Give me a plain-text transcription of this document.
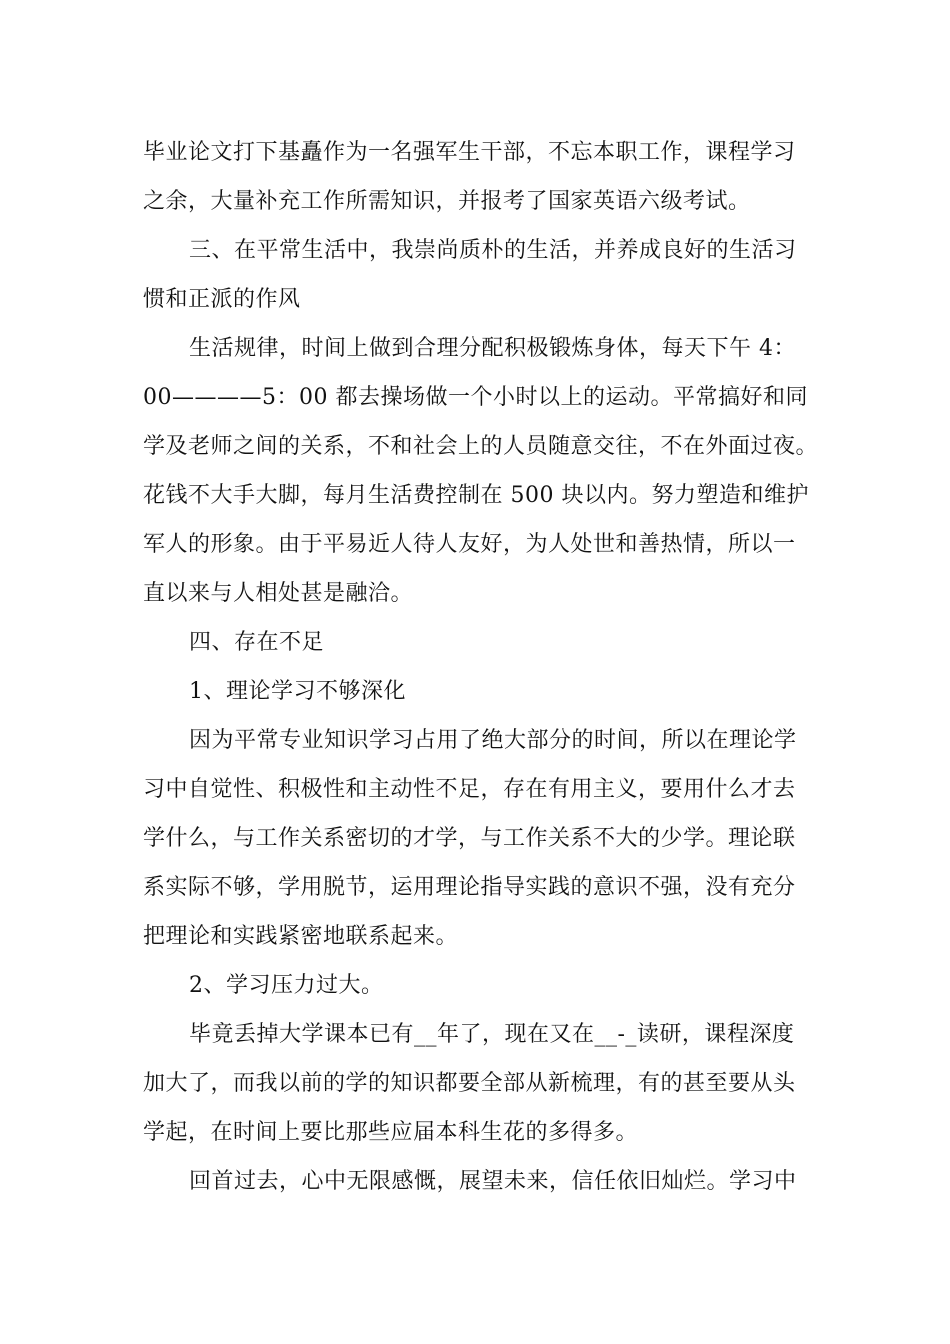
毕业论文打下基矗作为一名强军生干部，不忘本职工作，课程学习

之余，大量补充工作所需知识，并报考了国家英语六级考试。

三、在平常生活中，我崇尚质朴的生活，并养成良好的生活习

惯和正派的作风

生活规律，时间上做到合理分配积极锻炼身体，每天下午 4：

00————5：00 都去操场做一个小时以上的运动。平常搞好和同

学及老师之间的关系，不和社会上的人员随意交往，不在外面过夜。

花钱不大手大脚，每月生活费控制在 500 块以内。努力塑造和维护

军人的形象。由于平易近人待人友好，为人处世和善热情，所以一

直以来与人相处甚是融洽。

四、存在不足

1、理论学习不够深化

因为平常专业知识学习占用了绝大部分的时间，所以在理论学

习中自觉性、积极性和主动性不足，存在有用主义，要用什么才去

学什么，与工作关系密切的才学，与工作关系不大的少学。理论联

系实际不够，学用脱节，运用理论指导实践的意识不强，没有充分

把理论和实践紧密地联系起来。

2、学习压力过大。

毕竟丢掉大学课本已有__年了，现在又在__-_读研，课程深度

加大了，而我以前的学的知识都要全部从新梳理，有的甚至要从头

学起，在时间上要比那些应届本科生花的多得多。

回首过去，心中无限感慨，展望未来，信任依旧灿烂。学习中
